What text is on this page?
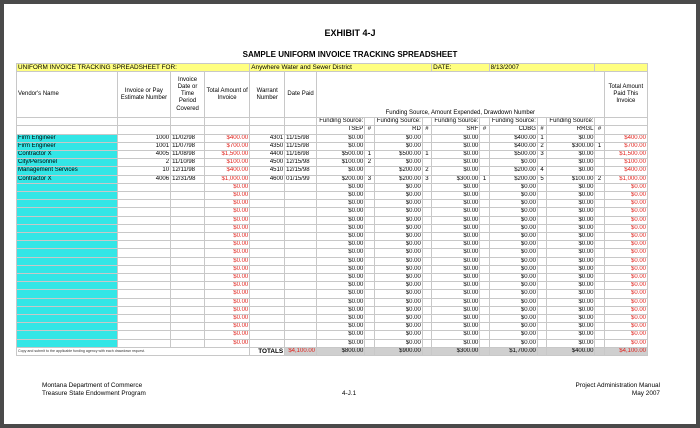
EXHIBIT 4-J
SAMPLE UNIFORM INVOICE TRACKING SPREADSHEET
UNIFORM INVOICE TRACKING SPREADSHEET FOR:				Anywhere Water and Sewer District						DATE:		8/13/2007				
Vendor's Name	Invoice or Pay Estimate Number	Invoice Date or Time Period Covered	Total Amount of Invoice	Warrant Number	Date Paid	Funding Source, Amount Expended, Drawdown Number										Total Amount Paid This Invoice
						Funding Source:		Funding Source:		Funding Source:		Funding Source:		Funding Source:		
						TSEP	#	RD	#	SRF	#	CDBG	#	RRGL	#	
Firm Engineer	1000	11/02/98	$400.00	4301	11/15/98	$0.00		$0.00		$0.00		$400.00	1	$0.00		$400.00
Firm Engineer	1001	11/07/98	$700.00	4350	11/15/98	$0.00		$0.00		$0.00		$400.00	2	$300.00	1	$700.00
Contractor X	4005	11/08/98	$1,500.00	4400	11/16/98	$500.00	1	$500.00	1	$0.00		$500.00	3	$0.00		$1,500.00
City/Personnel	2	11/10/98	$100.00	4500	12/15/98	$100.00	2	$0.00		$0.00		$0.00		$0.00		$100.00
Management Services	10	12/11/98	$400.00	4510	12/15/98	$0.00		$200.00	2	$0.00		$200.00	4	$0.00		$400.00
Contractor X	4006	12/31/98	$1,000.00	4600	01/15/99	$200.00	3	$200.00	3	$300.00	1	$200.00	5	$100.00	2	$1,000.00
			$0.00			$0.00		$0.00		$0.00		$0.00		$0.00		$0.00
			$0.00			$0.00		$0.00		$0.00		$0.00		$0.00		$0.00
			$0.00			$0.00		$0.00		$0.00		$0.00		$0.00		$0.00
			$0.00			$0.00		$0.00		$0.00		$0.00		$0.00		$0.00
			$0.00			$0.00		$0.00		$0.00		$0.00		$0.00		$0.00
			$0.00			$0.00		$0.00		$0.00		$0.00		$0.00		$0.00
			$0.00			$0.00		$0.00		$0.00		$0.00		$0.00		$0.00
			$0.00			$0.00		$0.00		$0.00		$0.00		$0.00		$0.00
			$0.00			$0.00		$0.00		$0.00		$0.00		$0.00		$0.00
			$0.00			$0.00		$0.00		$0.00		$0.00		$0.00		$0.00
			$0.00			$0.00		$0.00		$0.00		$0.00		$0.00		$0.00
			$0.00			$0.00		$0.00		$0.00		$0.00		$0.00		$0.00
			$0.00			$0.00		$0.00		$0.00		$0.00		$0.00		$0.00
			$0.00			$0.00		$0.00		$0.00		$0.00		$0.00		$0.00
			$0.00			$0.00		$0.00		$0.00		$0.00		$0.00		$0.00
			$0.00			$0.00		$0.00		$0.00		$0.00		$0.00		$0.00
			$0.00			$0.00		$0.00		$0.00		$0.00		$0.00		$0.00
			$0.00			$0.00		$0.00		$0.00		$0.00		$0.00		$0.00
			$0.00			$0.00		$0.00		$0.00		$0.00		$0.00		$0.00
			$0.00			$0.00		$0.00		$0.00		$0.00		$0.00		$0.00
Copy and submit to the applicable funding agency with each drawdown request.				TOTALS	$4,100.00	$800.00		$900.00		$300.00		$1,700.00		$400.00		$4,100.00
Montana Department of Commerce
Treasure State Endowment Program	4-J.1
Project Administration Manual
May 2007
